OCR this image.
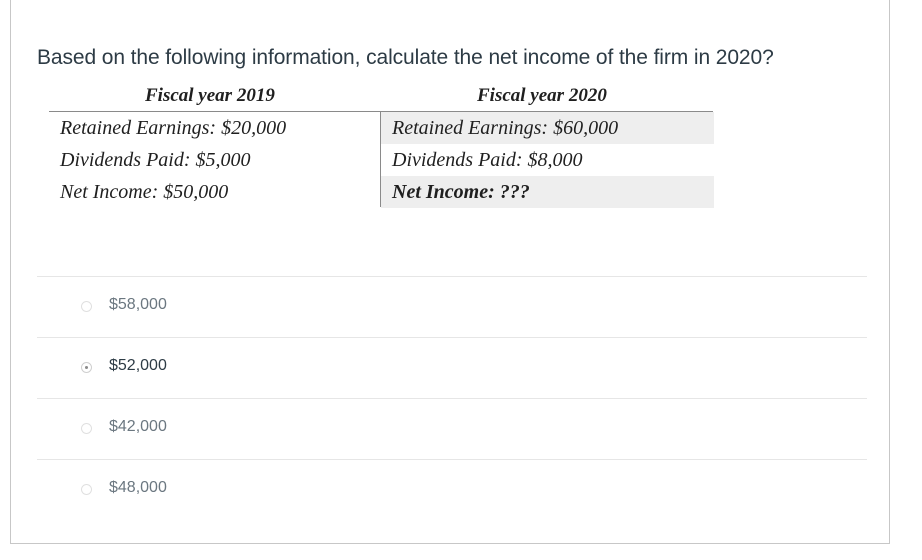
Based on the following information, calculate the net income of the firm in 2020?
Fiscal year 2019	Fiscal year 2020
Retained Earnings: $20,000
Dividends Paid: $5,000
Net Income: $50,000
Retained Earnings: $60,000
Dividends Paid: $8,000
Net Income: ???
$58,000
$52,000
$42,000
$48,000
